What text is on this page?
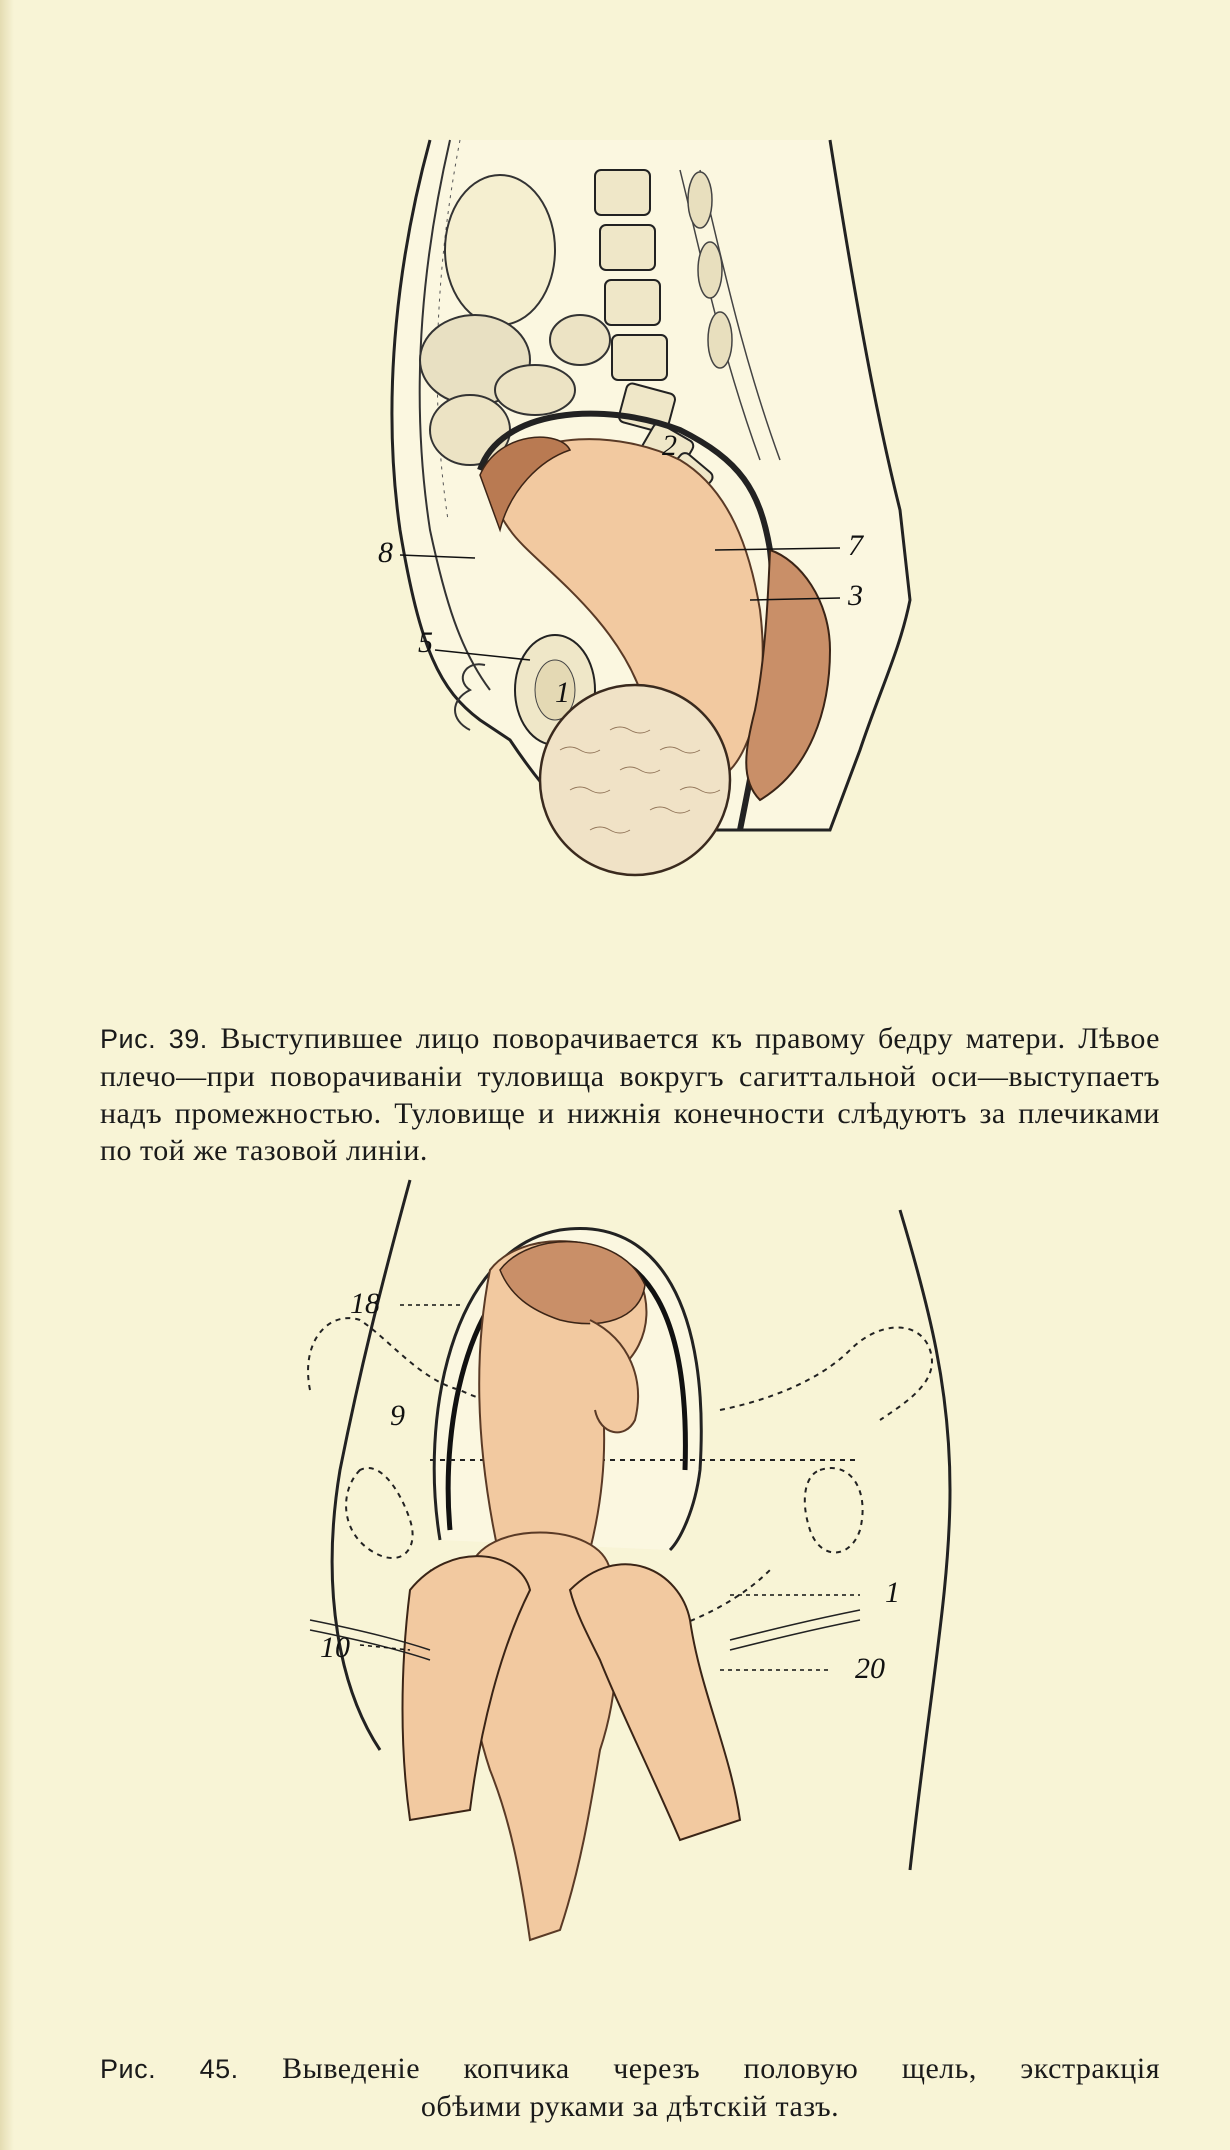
8
5
7
3
1
2

Рис. 39. Выступившее лицо поворачивается къ правому бедру матери. Лѣвое плечо—при поворачиванiи туловища вокругъ сагиттальной оси—выступаетъ надъ промежностью. Туловище и нижнія конечности слѣдуютъ за плечиками по той же тазовой линiи.

18
9
1
10
20

Рис. 45. Выведеніе копчика черезъ половую щель, экстракція
обѣими руками за дѣтскій тазъ.
